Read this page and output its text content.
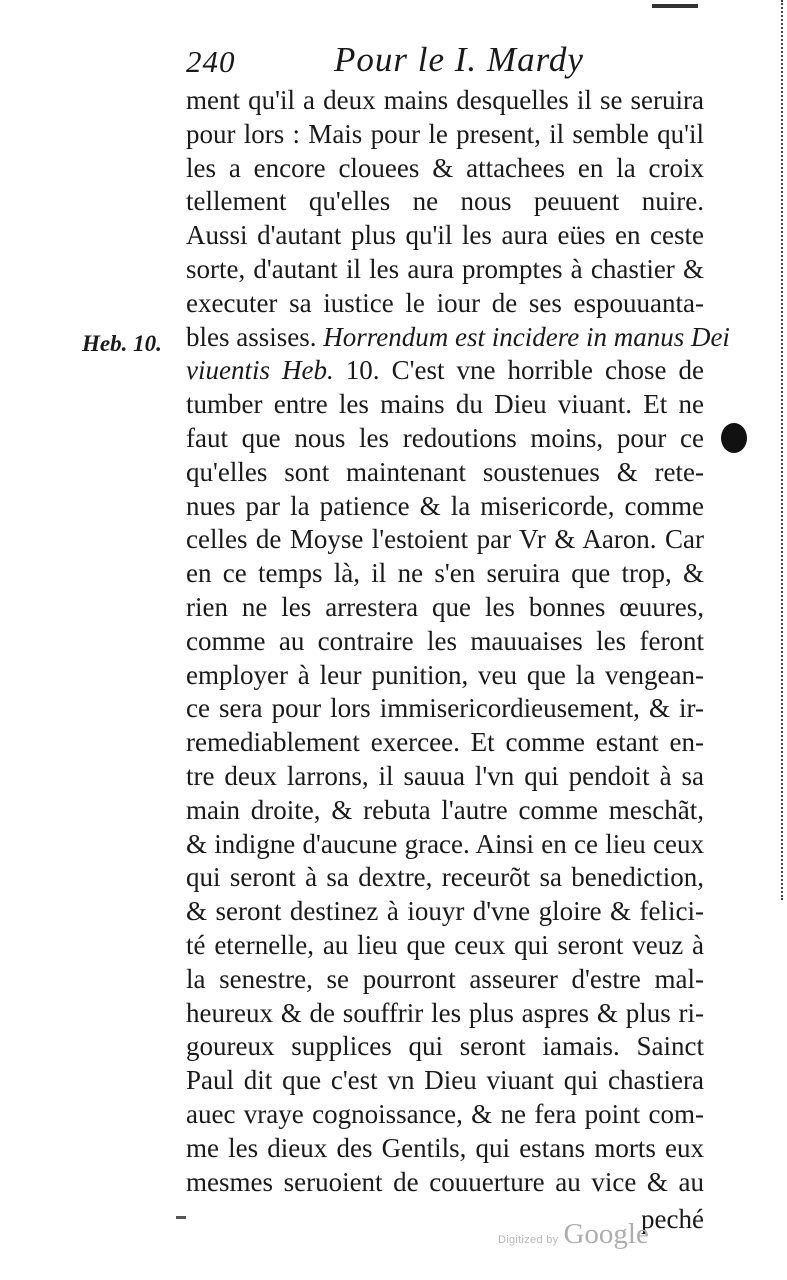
240	Pour le I. Mardy
Heb. 10.
ment qu'il a deux mains desquelles il se seruira
pour lors : Mais pour le present, il semble qu'il
les a encore clouees & attachees en la croix
tellement qu'elles ne nous peuuent nuire.
Aussi d'autant plus qu'il les aura eües en ceste
sorte, d'autant il les aura promptes à chastier &
executer sa iustice le iour de ses espouuanta-
bles assises. Horrendum est incidere in manus Dei
viuentis Heb. 10. C'est vne horrible chose de
tumber entre les mains du Dieu viuant. Et ne
faut que nous les redoutions moins, pour ce
qu'elles sont maintenant soustenues & rete-
nues par la patience & la misericorde, comme
celles de Moyse l'estoient par Vr & Aaron. Car
en ce temps là, il ne s'en seruira que trop, &
rien ne les arrestera que les bonnes œuures,
comme au contraire les mauuaises les feront
employer à leur punition, veu que la vengean-
ce sera pour lors immisericordieusement, & ir-
remediablement exercee. Et comme estant en-
tre deux larrons, il sauua l'vn qui pendoit à sa
main droite, & rebuta l'autre comme meschãt,
& indigne d'aucune grace. Ainsi en ce lieu ceux
qui seront à sa dextre, receurõt sa benediction,
& seront destinez à iouyr d'vne gloire & felici-
té eternelle, au lieu que ceux qui seront veuz à
la senestre, se pourront asseurer d'estre mal-
heureux & de souffrir les plus aspres & plus ri-
goureux supplices qui seront iamais. Sainct
Paul dit que c'est vn Dieu viuant qui chastiera
auec vraye cognoissance, & ne fera point com-
me les dieux des Gentils, qui estans morts eux
mesmes seruoient de couuerture au vice & au
peché
Digitized by Google
